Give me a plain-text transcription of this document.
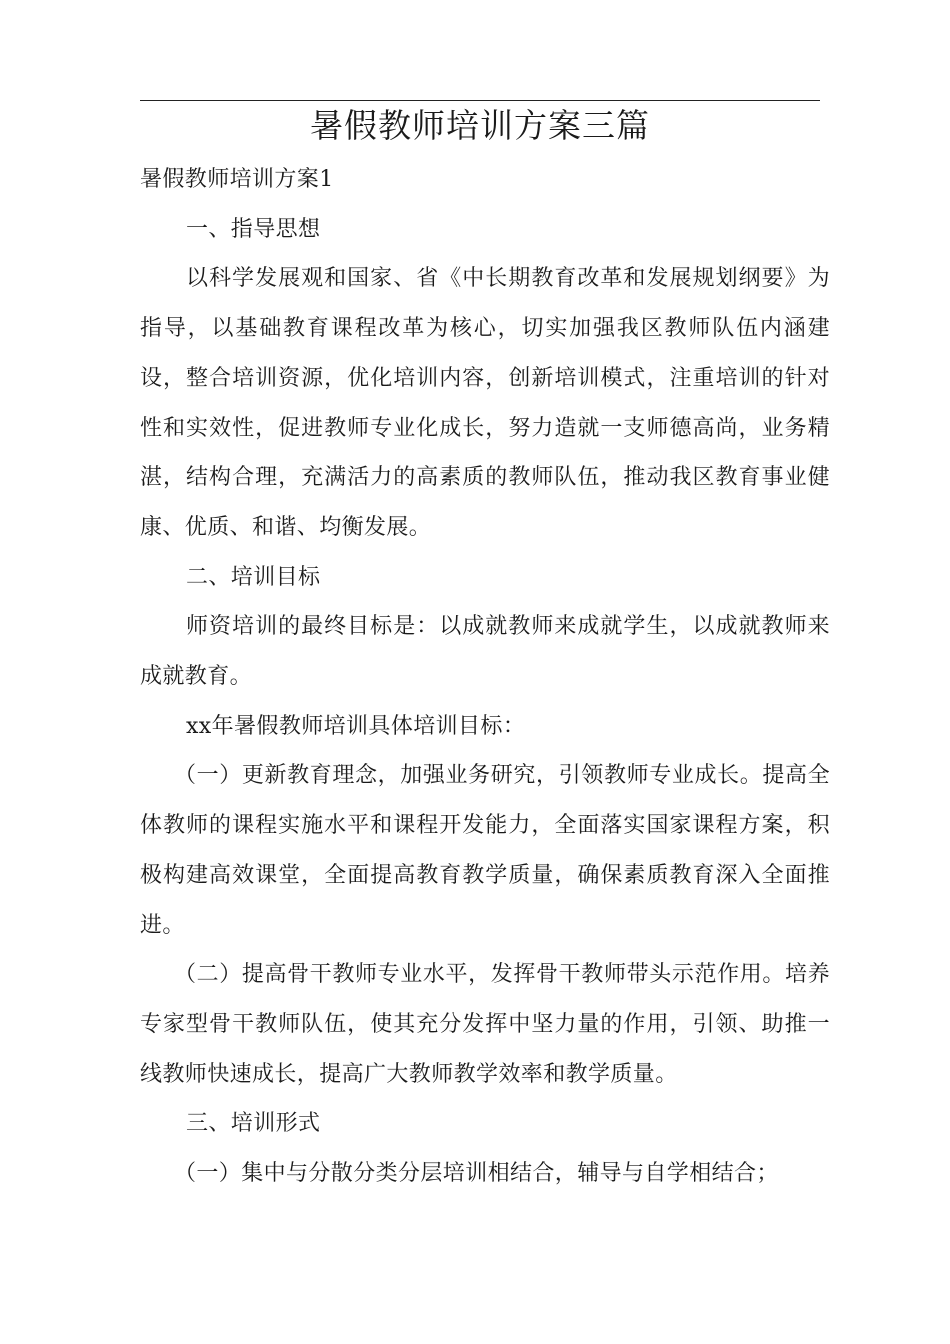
暑假教师培训方案三篇

暑假教师培训方案1

一、指导思想

以科学发展观和国家、省《中长期教育改革和发展规划纲要》为指导，以基础教育课程改革为核心，切实加强我区教师队伍内涵建设，整合培训资源，优化培训内容，创新培训模式，注重培训的针对性和实效性，促进教师专业化成长，努力造就一支师德高尚，业务精湛，结构合理，充满活力的高素质的教师队伍，推动我区教育事业健康、优质、和谐、均衡发展。

二、培训目标

师资培训的最终目标是：以成就教师来成就学生，以成就教师来成就教育。

xx年暑假教师培训具体培训目标：

（一）更新教育理念，加强业务研究，引领教师专业成长。提高全体教师的课程实施水平和课程开发能力，全面落实国家课程方案，积极构建高效课堂，全面提高教育教学质量，确保素质教育深入全面推进。

（二）提高骨干教师专业水平，发挥骨干教师带头示范作用。培养专家型骨干教师队伍，使其充分发挥中坚力量的作用，引领、助推一线教师快速成长，提高广大教师教学效率和教学质量。

三、培训形式

（一）集中与分散分类分层培训相结合，辅导与自学相结合；
